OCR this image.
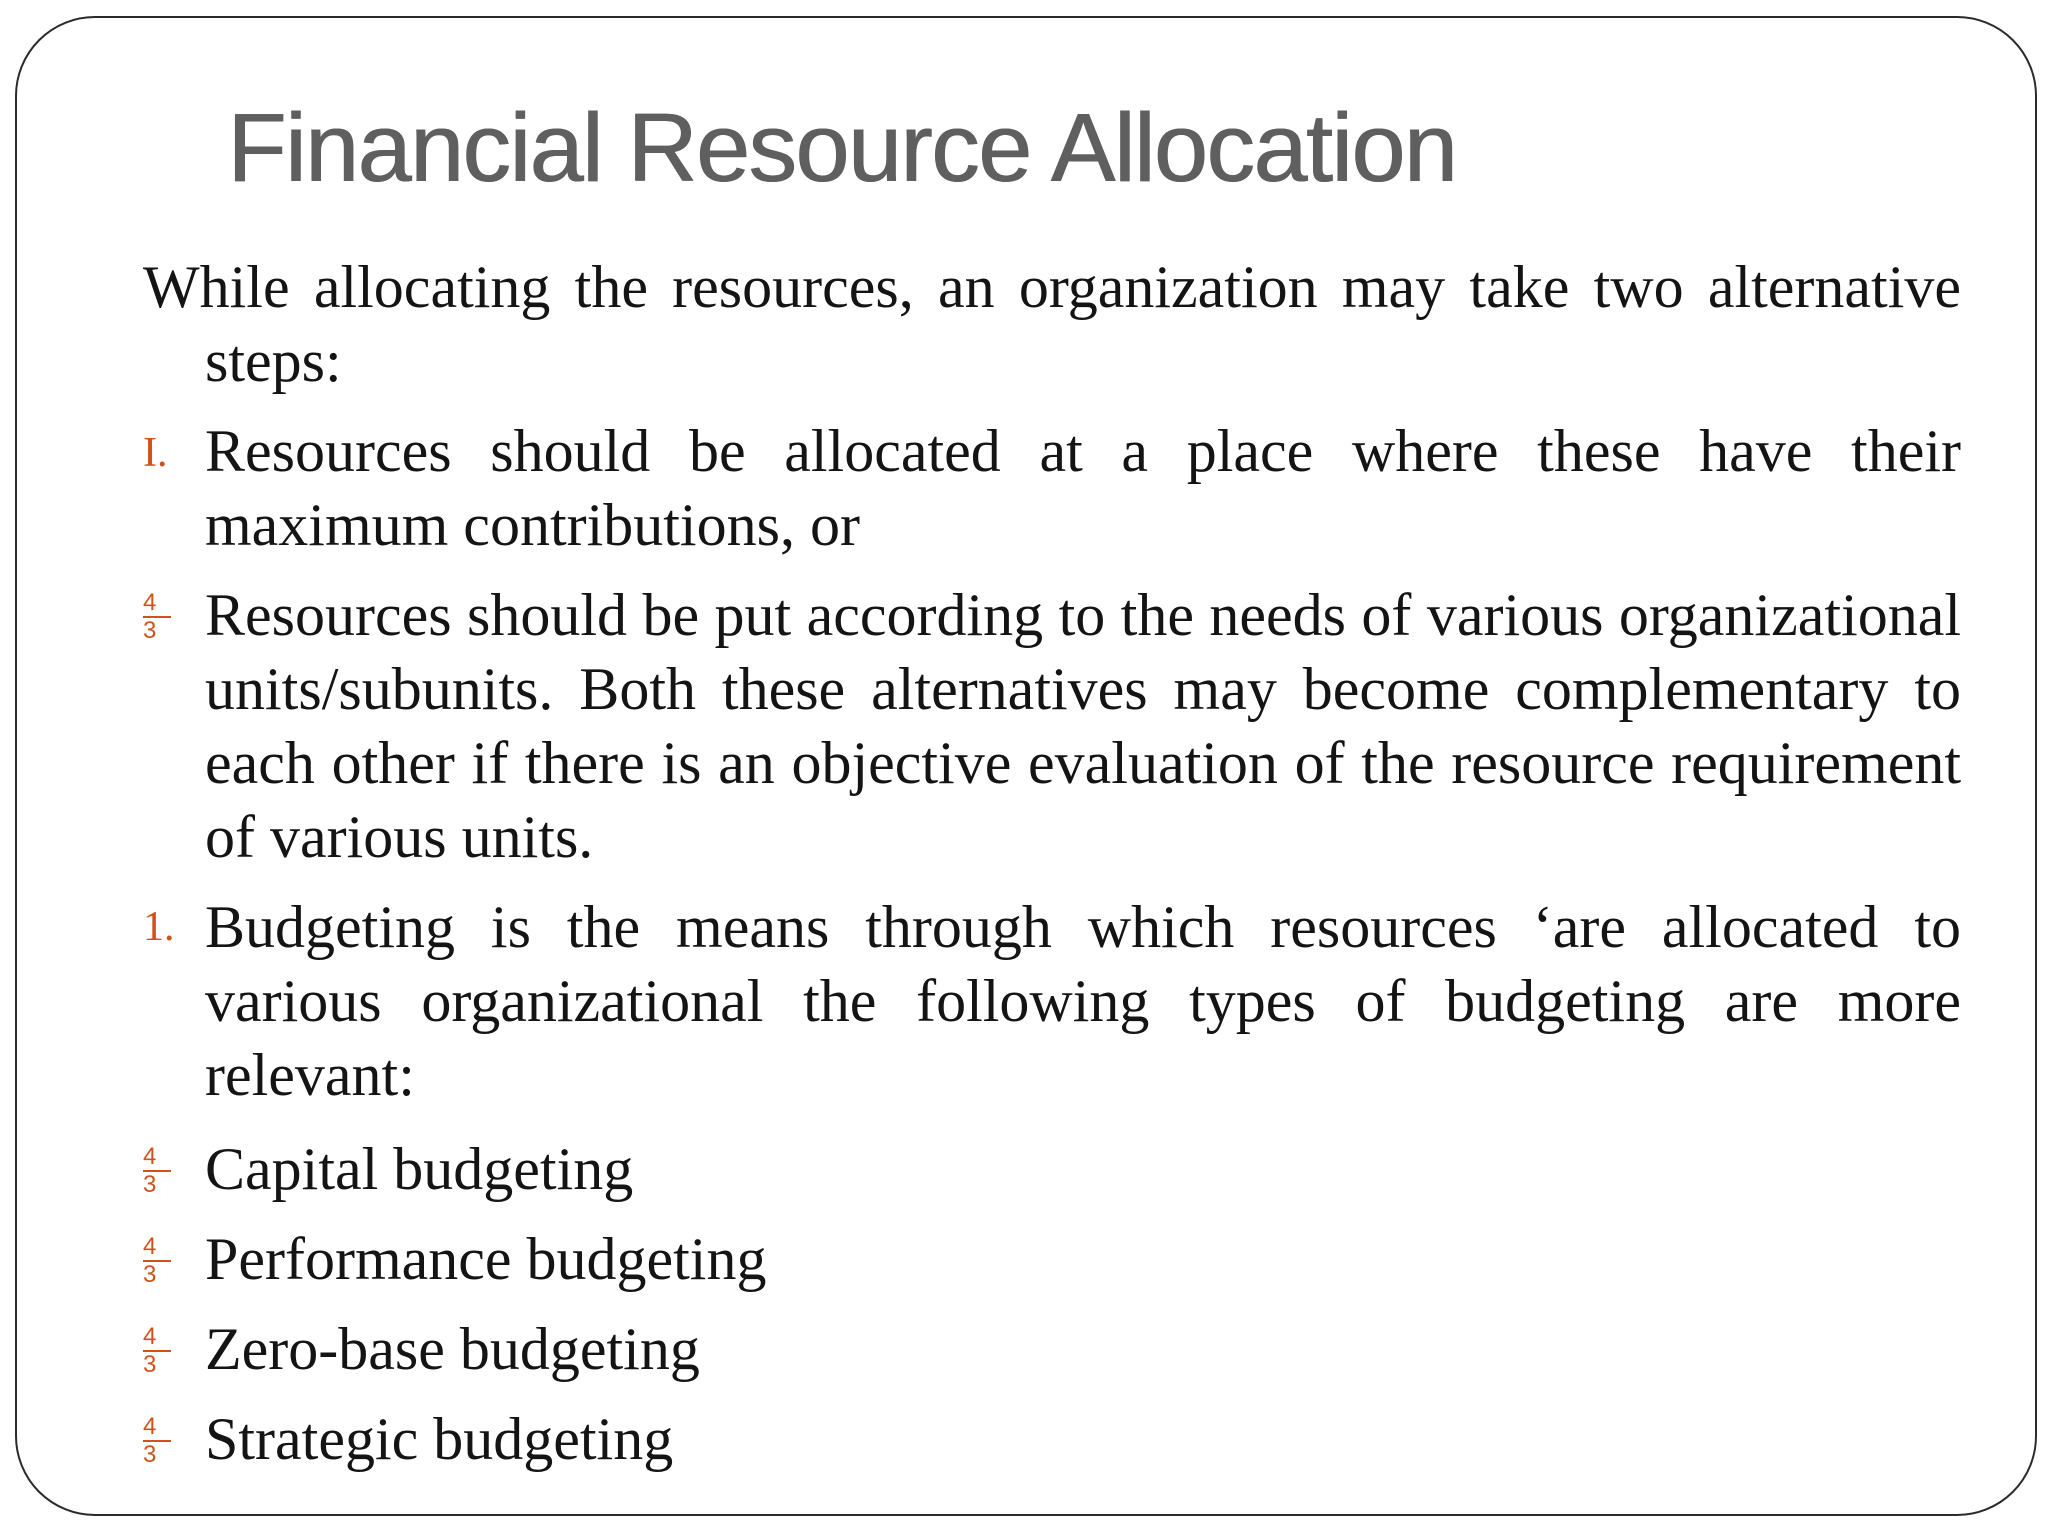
Financial Resource Allocation
While allocating the resources, an organization may take two alternative steps:
I. Resources should be allocated at a place where these have their maximum contributions, or
$\frac{4}{3}$ Resources should be put according to the needs of various organizational units/subunits. Both these alternatives may become complementary to each other if there is an objective evaluation of the resource requirement of various units.
1. Budgeting is the means through which resources ‘are allocated to various organizational the following types of budgeting are more relevant:
$\frac{4}{3}$ Capital budgeting
$\frac{4}{3}$ Performance budgeting
$\frac{4}{3}$ Zero-base budgeting
$\frac{4}{3}$ Strategic budgeting
